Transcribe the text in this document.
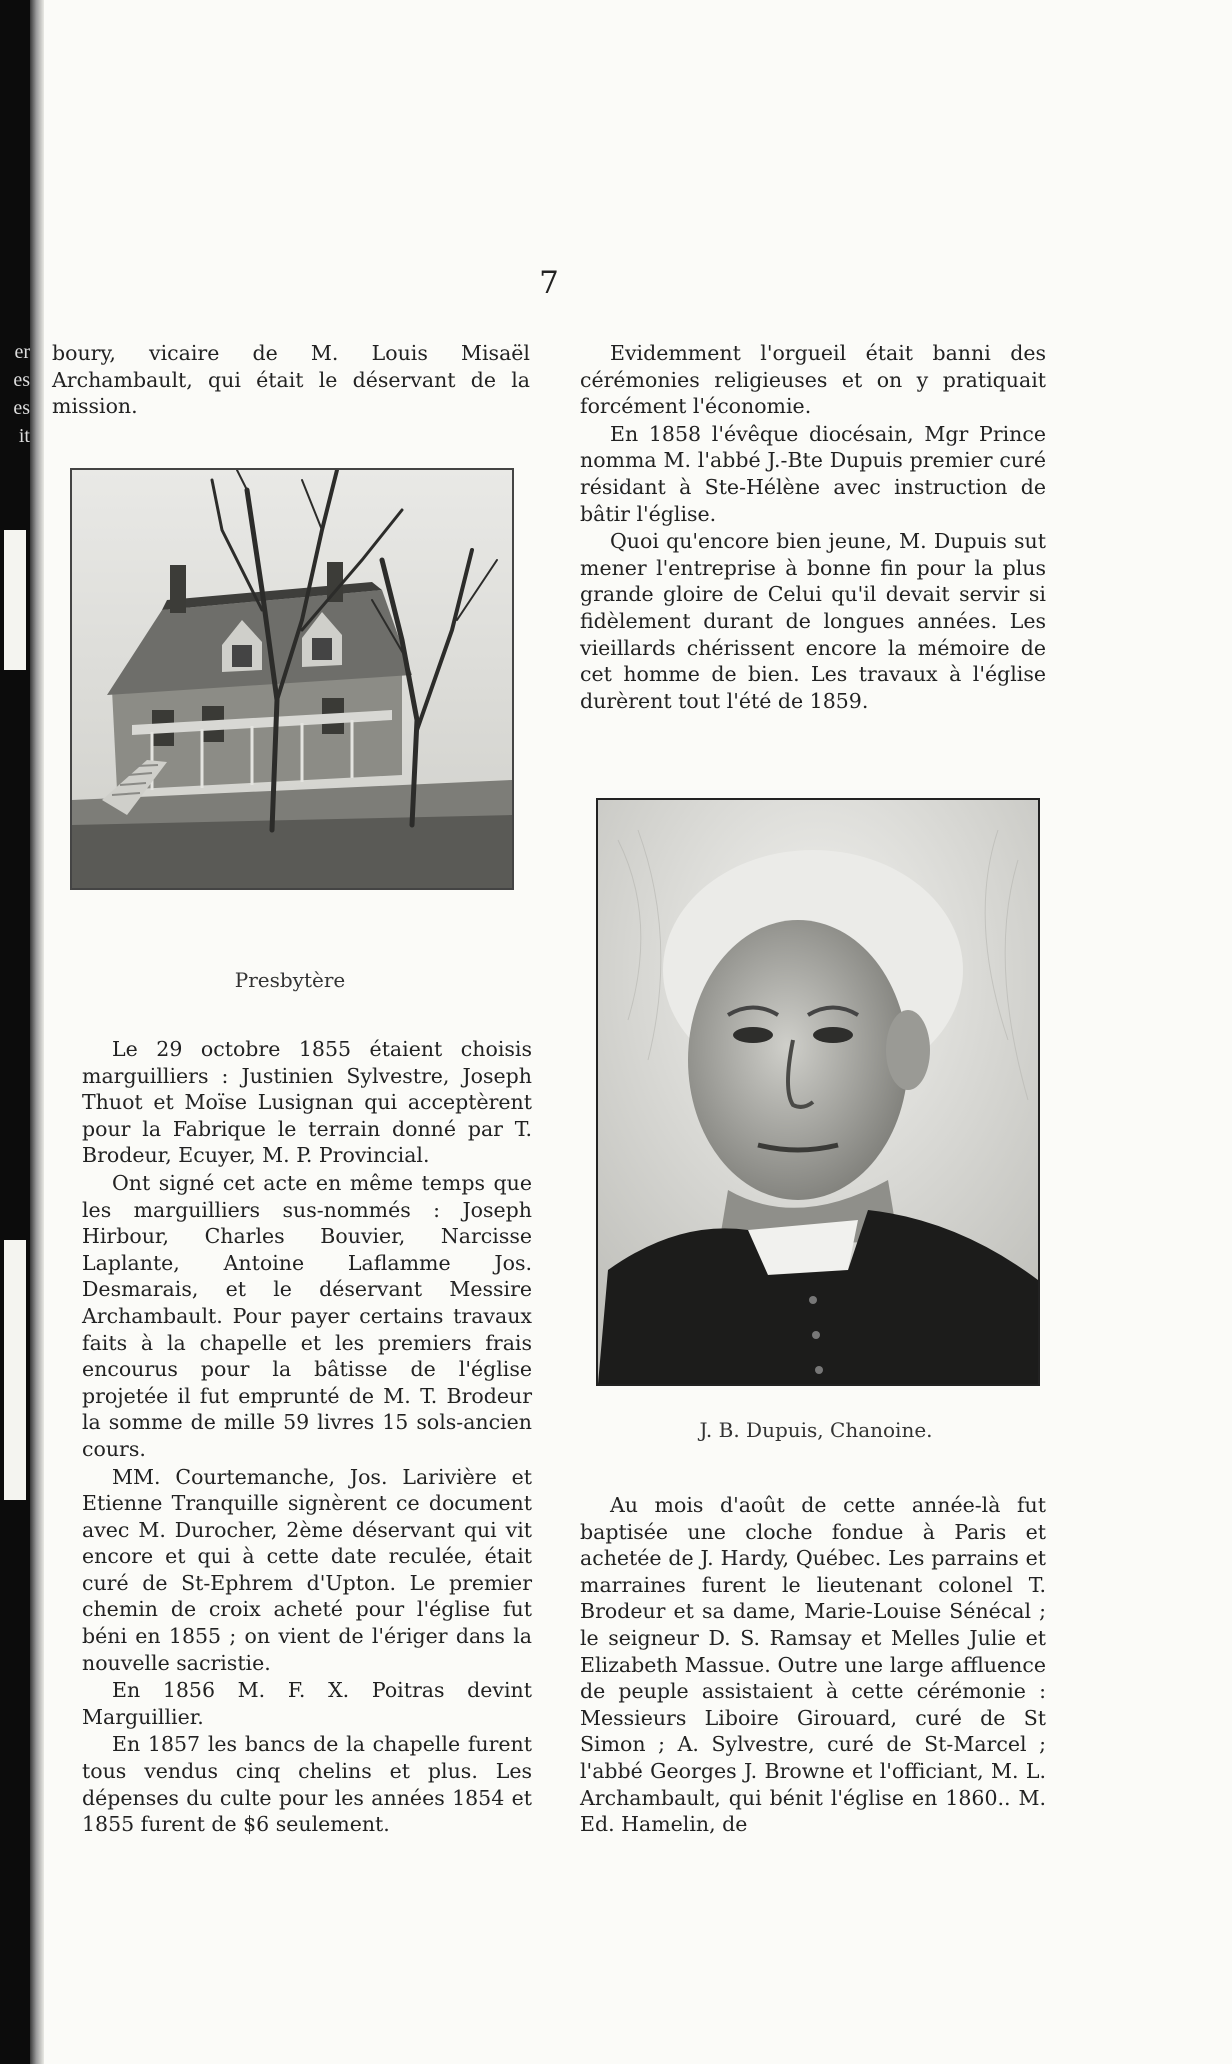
er
es
es
it
7

boury, vicaire de M. Louis Misaël Archambault, qui était le déservant de la mission.

Presbytère

Le 29 octobre 1855 étaient choisis marguilliers : Justinien Sylvestre, Joseph Thuot et Moïse Lusignan qui acceptèrent pour la Fabrique le terrain donné par T. Brodeur, Ecuyer, M. P. Provincial.

Ont signé cet acte en même temps que les marguilliers sus-nommés : Joseph Hirbour, Charles Bouvier, Narcisse Laplante, Antoine Laflamme Jos. Desmarais, et le déservant Messire Archambault. Pour payer certains travaux faits à la chapelle et les premiers frais encourus pour la bâtisse de l'église projetée il fut emprunté de M. T. Brodeur la somme de mille 59 livres 15 sols-ancien cours.

MM. Courtemanche, Jos. Larivière et Etienne Tranquille signèrent ce document avec M. Durocher, 2ème déservant qui vit encore et qui à cette date reculée, était curé de St-Ephrem d'Upton. Le premier chemin de croix acheté pour l'église fut béni en 1855 ; on vient de l'ériger dans la nouvelle sacristie.

En 1856 M. F. X. Poitras devint Marguillier.

En 1857 les bancs de la chapelle furent tous vendus cinq chelins et plus. Les dépenses du culte pour les années 1854 et 1855 furent de $6 seulement.

Evidemment l'orgueil était banni des cérémonies religieuses et on y pratiquait forcément l'économie.

En 1858 l'évêque diocésain, Mgr Prince nomma M. l'abbé J.-Bte Dupuis premier curé résidant à Ste-Hélène avec instruction de bâtir l'église.

Quoi qu'encore bien jeune, M. Dupuis sut mener l'entreprise à bonne fin pour la plus grande gloire de Celui qu'il devait servir si fidèlement durant de longues années. Les vieillards chérissent encore la mémoire de cet homme de bien. Les travaux à l'église durèrent tout l'été de 1859.

J. B. Dupuis, Chanoine.

Au mois d'août de cette année-là fut baptisée une cloche fondue à Paris et achetée de J. Hardy, Québec. Les parrains et marraines furent le lieutenant colonel T. Brodeur et sa dame, Marie-Louise Sénécal ; le seigneur D. S. Ramsay et Melles Julie et Elizabeth Massue. Outre une large affluence de peuple assistaient à cette cérémonie : Messieurs Liboire Girouard, curé de St Simon ; A. Sylvestre, curé de St-Marcel ; l'abbé Georges J. Browne et l'officiant, M. L. Archambault, qui bénit l'église en 1860.. M. Ed. Hamelin, de
